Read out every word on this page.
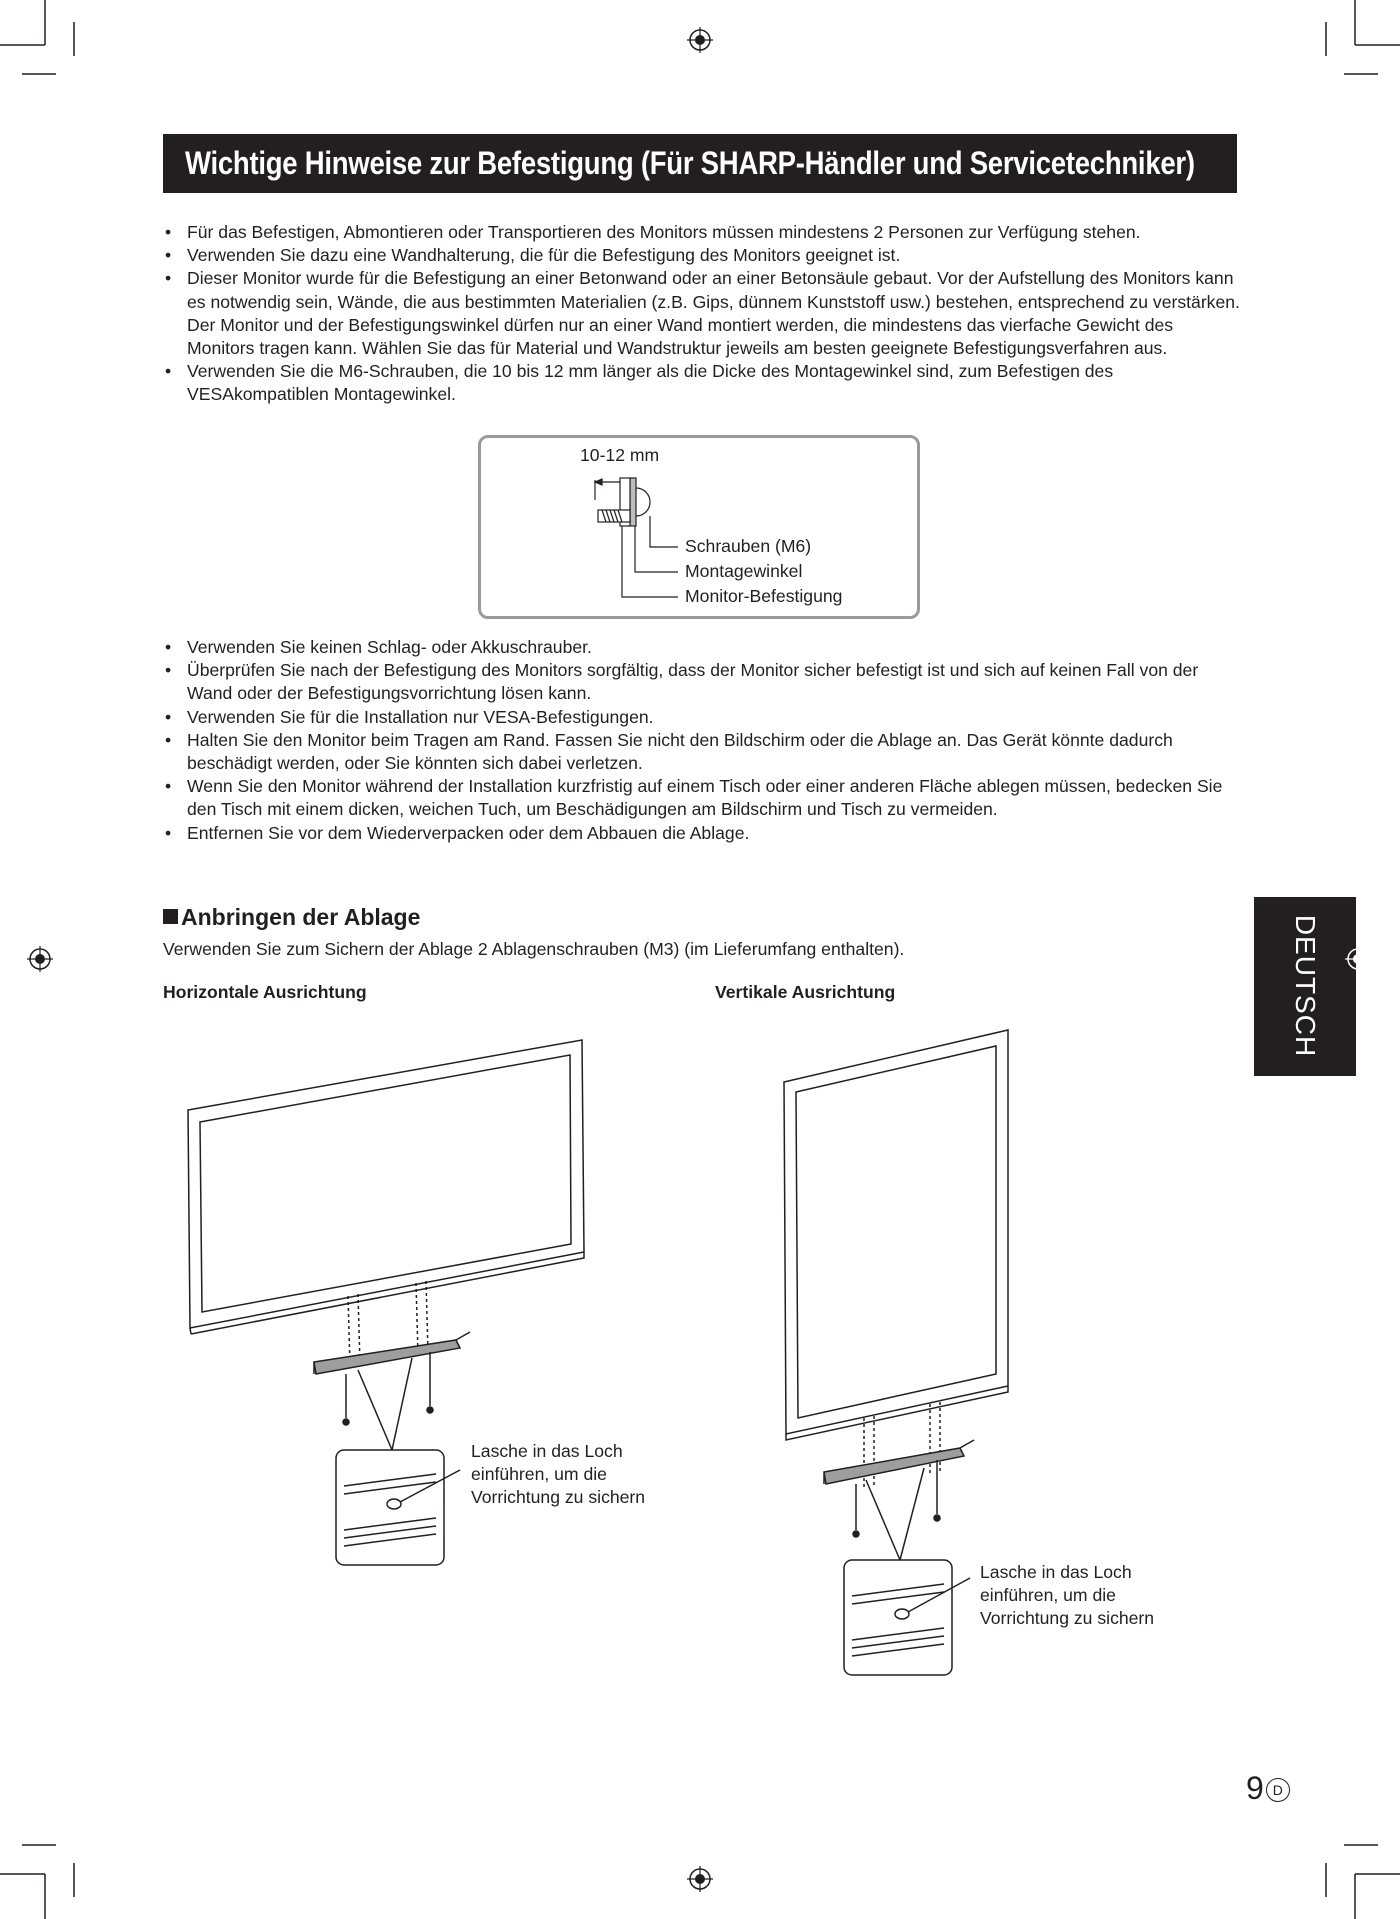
Wichtige Hinweise zur Befestigung (Für SHARP-Händler und Servicetechniker)
• Für das Befestigen, Abmontieren oder Transportieren des Monitors müssen mindestens 2 Personen zur Verfügung stehen.
• Verwenden Sie dazu eine Wandhalterung, die für die Befestigung des Monitors geeignet ist.
• Dieser Monitor wurde für die Befestigung an einer Betonwand oder an einer Betonsäule gebaut. Vor der Aufstellung des Monitors kann es notwendig sein, Wände, die aus bestimmten Materialien (z.B. Gips, dünnem Kunststoff usw.) bestehen, entsprechend zu verstärken.
Der Monitor und der Befestigungswinkel dürfen nur an einer Wand montiert werden, die mindestens das vierfache Gewicht des Monitors tragen kann. Wählen Sie das für Material und Wandstruktur jeweils am besten geeignete Befestigungsverfahren aus.
• Verwenden Sie die M6-Schrauben, die 10 bis 12 mm länger als die Dicke des Montagewinkel sind, zum Befestigen des VESAkompatiblen Montagewinkel.
10-12 mm
Schrauben (M6)
Montagewinkel
Monitor-Befestigung
• Verwenden Sie keinen Schlag- oder Akkuschrauber.
• Überprüfen Sie nach der Befestigung des Monitors sorgfältig, dass der Monitor sicher befestigt ist und sich auf keinen Fall von der Wand oder der Befestigungsvorrichtung lösen kann.
• Verwenden Sie für die Installation nur VESA-Befestigungen.
• Halten Sie den Monitor beim Tragen am Rand. Fassen Sie nicht den Bildschirm oder die Ablage an. Das Gerät könnte dadurch beschädigt werden, oder Sie könnten sich dabei verletzen.
• Wenn Sie den Monitor während der Installation kurzfristig auf einem Tisch oder einer anderen Fläche ablegen müssen, bedecken Sie den Tisch mit einem dicken, weichen Tuch, um Beschädigungen am Bildschirm und Tisch zu vermeiden.
• Entfernen Sie vor dem Wiederverpacken oder dem Abbauen die Ablage.
Anbringen der Ablage
Verwenden Sie zum Sichern der Ablage 2 Ablagenschrauben (M3) (im Lieferumfang enthalten).
Horizontale Ausrichtung	Vertikale Ausrichtung	DEUTSCH
Lasche in das Loch
einführen, um die
Vorrichtung zu sichern
Lasche in das Loch
einführen, um die
Vorrichtung zu sichern
9 D
